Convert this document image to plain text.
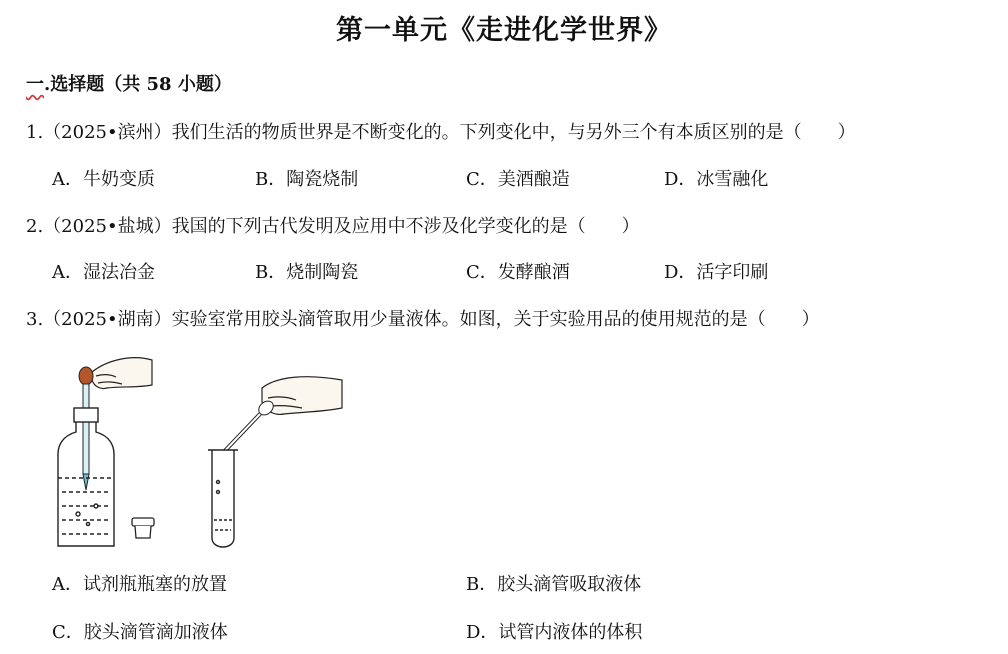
第一单元《走进化学世界》
一.选择题（共 58 小题）
1.（2025•滨州）我们生活的物质世界是不断变化的。下列变化中，与另外三个有本质区别的是（　　）
A．牛奶变质	B．陶瓷烧制	C．美酒酿造	D．冰雪融化
2.（2025•盐城）我国的下列古代发明及应用中不涉及化学变化的是（　　）
A．湿法冶金	B．烧制陶瓷	C．发酵酿酒	D．活字印刷
3.（2025•湖南）实验室常用胶头滴管取用少量液体。如图，关于实验用品的使用规范的是（　　）
A．试剂瓶瓶塞的放置	B．胶头滴管吸取液体
C．胶头滴管滴加液体	D．试管内液体的体积
